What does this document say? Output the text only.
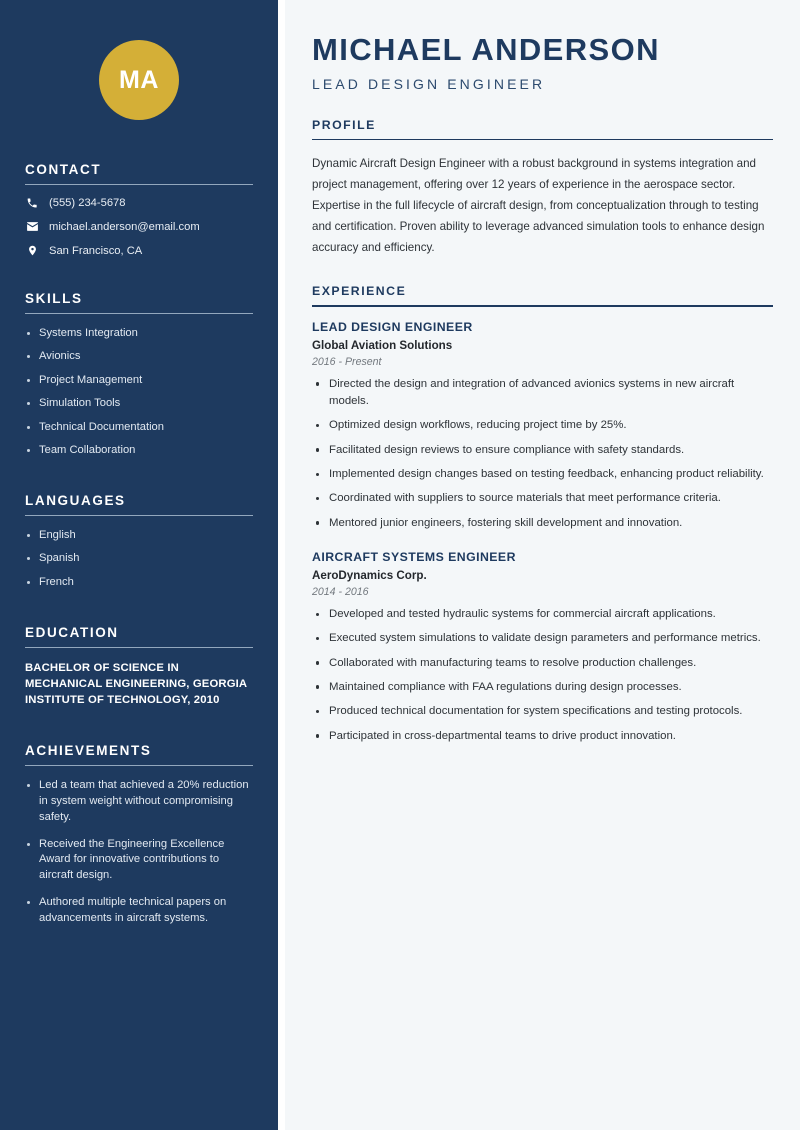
MA
CONTACT
(555) 234-5678
michael.anderson@email.com
San Francisco, CA
SKILLS
Systems Integration
Avionics
Project Management
Simulation Tools
Technical Documentation
Team Collaboration
LANGUAGES
English
Spanish
French
EDUCATION
BACHELOR OF SCIENCE IN MECHANICAL ENGINEERING, GEORGIA INSTITUTE OF TECHNOLOGY, 2010
ACHIEVEMENTS
Led a team that achieved a 20% reduction in system weight without compromising safety.
Received the Engineering Excellence Award for innovative contributions to aircraft design.
Authored multiple technical papers on advancements in aircraft systems.
MICHAEL ANDERSON
LEAD DESIGN ENGINEER
PROFILE

Dynamic Aircraft Design Engineer with a robust background in systems integration and project management, offering over 12 years of experience in the aerospace sector. Expertise in the full lifecycle of aircraft design, from conceptualization through to testing and certification. Proven ability to leverage advanced simulation tools to enhance design accuracy and efficiency.

EXPERIENCE
LEAD DESIGN ENGINEER
Global Aviation Solutions
2016 - Present
Directed the design and integration of advanced avionics systems in new aircraft models.
Optimized design workflows, reducing project time by 25%.
Facilitated design reviews to ensure compliance with safety standards.
Implemented design changes based on testing feedback, enhancing product reliability.
Coordinated with suppliers to source materials that meet performance criteria.
Mentored junior engineers, fostering skill development and innovation.
AIRCRAFT SYSTEMS ENGINEER
AeroDynamics Corp.
2014 - 2016
Developed and tested hydraulic systems for commercial aircraft applications.
Executed system simulations to validate design parameters and performance metrics.
Collaborated with manufacturing teams to resolve production challenges.
Maintained compliance with FAA regulations during design processes.
Produced technical documentation for system specifications and testing protocols.
Participated in cross-departmental teams to drive product innovation.
